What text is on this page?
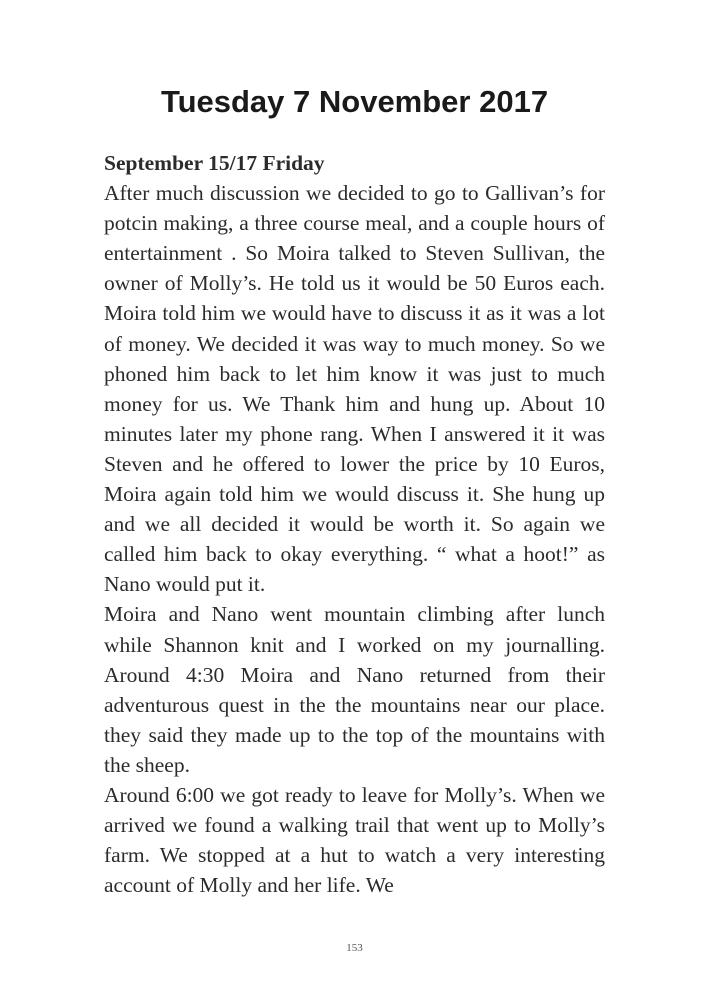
Tuesday 7 November 2017
September 15/17 Friday

After much discussion we decided to go to Gallivan’s for potcin making, a three course meal, and a couple hours of entertainment . So Moira talked to Steven Sullivan, the owner of Molly’s. He told us it would be 50 Euros each. Moira told him we would have to discuss it as it was a lot of money. We decided it was way to much money. So we phoned him back to let him know it was just to much money for us. We Thank him and hung up. About 10 minutes later my phone rang. When I answered it it was Steven and he offered to lower the price by 10 Euros, Moira again told him we would discuss it. She hung up and we all decided it would be worth it. So again we called him back to okay everything. “ what a hoot!” as Nano would put it.

Moira and Nano went mountain climbing after lunch while Shannon knit and I worked on my journalling. Around 4:30 Moira and Nano returned from their adventurous quest in the the mountains near our place. they said they made up to the top of the mountains with the sheep.

Around 6:00 we got ready to leave for Molly’s. When we arrived we found a walking trail that went up to Molly’s farm. We stopped at a hut to watch a very interesting account of Molly and her life. We

153
